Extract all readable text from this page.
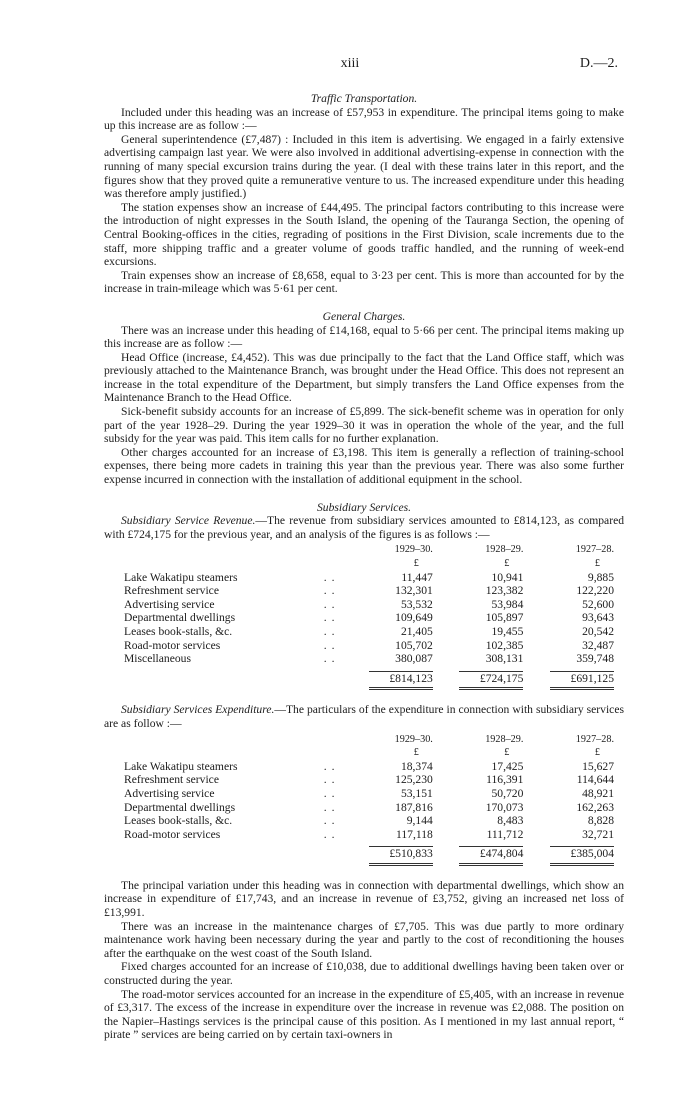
xiii	D.—2.
Traffic Transportation.

Included under this heading was an increase of £57,953 in expenditure. The principal items going to make up this increase are as follow :—

General superintendence (£7,487) : Included in this item is advertising. We engaged in a fairly extensive advertising campaign last year. We were also involved in additional advertising-expense in connection with the running of many special excursion trains during the year. (I deal with these trains later in this report, and the figures show that they proved quite a remunerative venture to us. The increased expenditure under this heading was therefore amply justified.)

The station expenses show an increase of £44,495. The principal factors contributing to this increase were the introduction of night expresses in the South Island, the opening of the Tauranga Section, the opening of Central Booking-offices in the cities, regrading of positions in the First Division, scale increments due to the staff, more shipping traffic and a greater volume of goods traffic handled, and the running of week-end excursions.

Train expenses show an increase of £8,658, equal to 3·23 per cent. This is more than accounted for by the increase in train-mileage which was 5·61 per cent.

General Charges.

There was an increase under this heading of £14,168, equal to 5·66 per cent. The principal items making up this increase are as follow :—

Head Office (increase, £4,452). This was due principally to the fact that the Land Office staff, which was previously attached to the Maintenance Branch, was brought under the Head Office. This does not represent an increase in the total expenditure of the Department, but simply transfers the Land Office expenses from the Maintenance Branch to the Head Office.

Sick-benefit subsidy accounts for an increase of £5,899. The sick-benefit scheme was in operation for only part of the year 1928–29. During the year 1929–30 it was in operation the whole of the year, and the full subsidy for the year was paid. This item calls for no further explanation.

Other charges accounted for an increase of £3,198. This item is generally a reflection of training-school expenses, there being more cadets in training this year than the previous year. There was also some further expense incurred in connection with the installation of additional equipment in the school.

Subsidiary Services.

Subsidiary Service Revenue.—The revenue from subsidiary services amounted to £814,123, as compared with £724,175 for the previous year, and an analysis of the figures is as follows :—

		1929–30.	1928–29.	1927–28.
		£	£	£
Lake Wakatipu steamers	. .	11,447	10,941	9,885
Refreshment service	. .	132,301	123,382	122,220
Advertising service	. .	53,532	53,984	52,600
Departmental dwellings	. .	109,649	105,897	93,643
Leases book-stalls, &c.	. .	21,405	19,455	20,542
Road-motor services	. .	105,702	102,385	32,487
Miscellaneous	. .	380,087	308,131	359,748

£814,123	£724,175	£691,125

Subsidiary Services Expenditure.—The particulars of the expenditure in connection with subsidiary services are as follow :—

		1929–30.	1928–29.	1927–28.
		£	£	£
Lake Wakatipu steamers	. .	18,374	17,425	15,627
Refreshment service	. .	125,230	116,391	114,644
Advertising service	. .	53,151	50,720	48,921
Departmental dwellings	. .	187,816	170,073	162,263
Leases book-stalls, &c.	. .	9,144	8,483	8,828
Road-motor services	. .	117,118	111,712	32,721

£510,833	£474,804	£385,004

The principal variation under this heading was in connection with departmental dwellings, which show an increase in expenditure of £17,743, and an increase in revenue of £3,752, giving an increased net loss of £13,991.

There was an increase in the maintenance charges of £7,705. This was due partly to more ordinary maintenance work having been necessary during the year and partly to the cost of reconditioning the houses after the earthquake on the west coast of the South Island.

Fixed charges accounted for an increase of £10,038, due to additional dwellings having been taken over or constructed during the year.

The road-motor services accounted for an increase in the expenditure of £5,405, with an increase in revenue of £3,317. The excess of the increase in expenditure over the increase in revenue was £2,088. The position on the Napier–Hastings services is the principal cause of this position. As I mentioned in my last annual report, “ pirate ” services are being carried on by certain taxi-owners in
